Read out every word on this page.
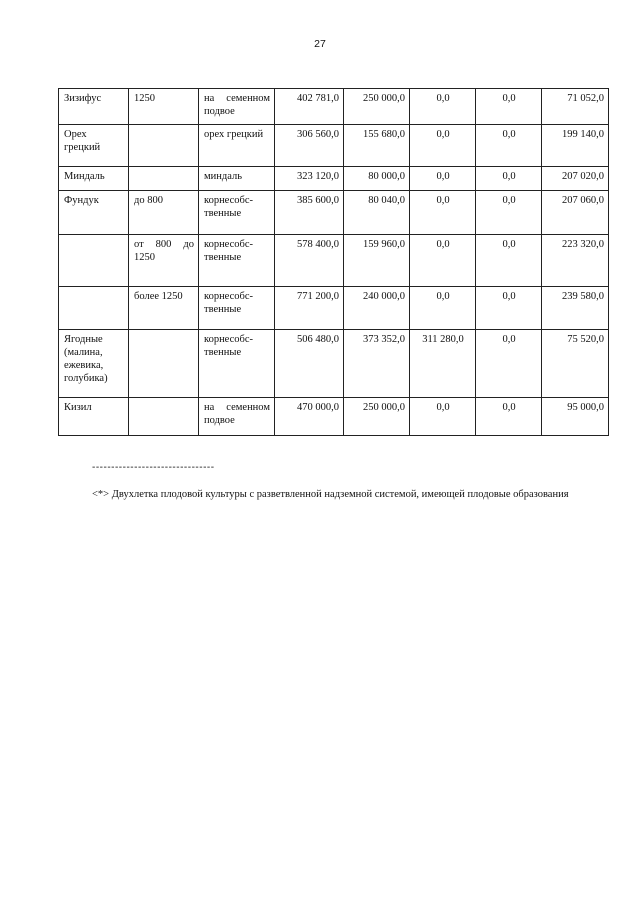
27
Зизифус	1250	на семенном подвое	402 781,0	250 000,0	0,0	0,0	71 052,0
Орех грецкий		орех грецкий	306 560,0	155 680,0	0,0	0,0	199 140,0
Миндаль		миндаль	323 120,0	80 000,0	0,0	0,0	207 020,0
Фундук	до 800	корнесобс-твенные	385 600,0	80 040,0	0,0	0,0	207 060,0
	от 800 до 1250	корнесобс-твенные	578 400,0	159 960,0	0,0	0,0	223 320,0
	более 1250	корнесобс-твенные	771 200,0	240 000,0	0,0	0,0	239 580,0
Ягодные (малина, ежевика, голубика)		корнесобс-твенные	506 480,0	373 352,0	311 280,0	0,0	75 520,0
Кизил		на семенном подвое	470 000,0	250 000,0	0,0	0,0	95 000,0
--------------------------------
<*> Двухлетка плодовой культуры с разветвленной надземной системой, имеющей плодовые образования
